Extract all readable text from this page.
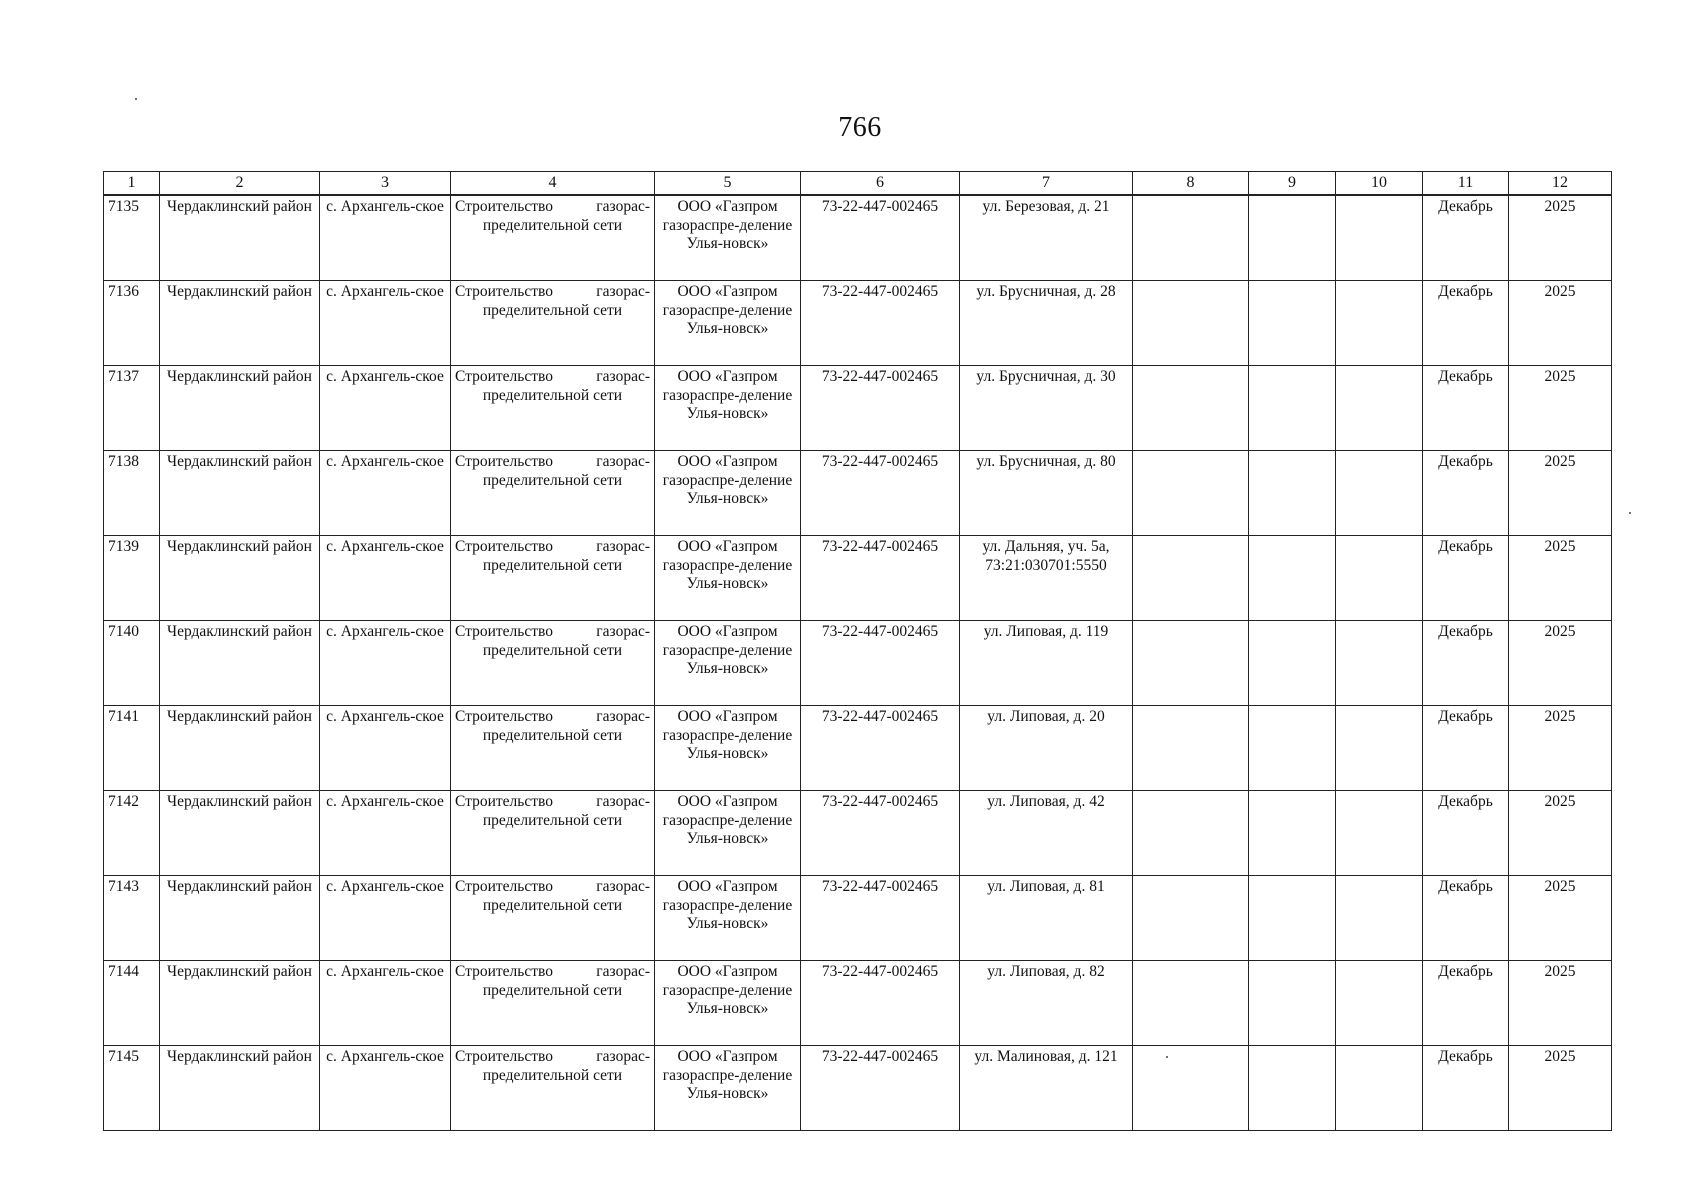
766
1	2	3	4	5	6	7	8	9	10	11	12
7135	Чердаклинский район	с. Архангель-ское	Строительство газорас-пределительной сети	ООО «Газпром газораспре-деление Улья-новск»	73-22-447-002465	ул. Березовая, д. 21				Декабрь	2025
7136	Чердаклинский район	с. Архангель-ское	Строительство газорас-пределительной сети	ООО «Газпром газораспре-деление Улья-новск»	73-22-447-002465	ул. Брусничная, д. 28				Декабрь	2025
7137	Чердаклинский район	с. Архангель-ское	Строительство газорас-пределительной сети	ООО «Газпром газораспре-деление Улья-новск»	73-22-447-002465	ул. Брусничная, д. 30				Декабрь	2025
7138	Чердаклинский район	с. Архангель-ское	Строительство газорас-пределительной сети	ООО «Газпром газораспре-деление Улья-новск»	73-22-447-002465	ул. Брусничная, д. 80				Декабрь	2025
7139	Чердаклинский район	с. Архангель-ское	Строительство газорас-пределительной сети	ООО «Газпром газораспре-деление Улья-новск»	73-22-447-002465	ул. Дальняя, уч. 5а, 73:21:030701:5550				Декабрь	2025
7140	Чердаклинский район	с. Архангель-ское	Строительство газорас-пределительной сети	ООО «Газпром газораспре-деление Улья-новск»	73-22-447-002465	ул. Липовая, д. 119				Декабрь	2025
7141	Чердаклинский район	с. Архангель-ское	Строительство газорас-пределительной сети	ООО «Газпром газораспре-деление Улья-новск»	73-22-447-002465	ул. Липовая, д. 20				Декабрь	2025
7142	Чердаклинский район	с. Архангель-ское	Строительство газорас-пределительной сети	ООО «Газпром газораспре-деление Улья-новск»	73-22-447-002465	ул. Липовая, д. 42				Декабрь	2025
7143	Чердаклинский район	с. Архангель-ское	Строительство газорас-пределительной сети	ООО «Газпром газораспре-деление Улья-новск»	73-22-447-002465	ул. Липовая, д. 81				Декабрь	2025
7144	Чердаклинский район	с. Архангель-ское	Строительство газорас-пределительной сети	ООО «Газпром газораспре-деление Улья-новск»	73-22-447-002465	ул. Липовая, д. 82				Декабрь	2025
7145	Чердаклинский район	с. Архангель-ское	Строительство газорас-пределительной сети	ООО «Газпром газораспре-деление Улья-новск»	73-22-447-002465	ул. Малиновая, д. 121				Декабрь	2025
